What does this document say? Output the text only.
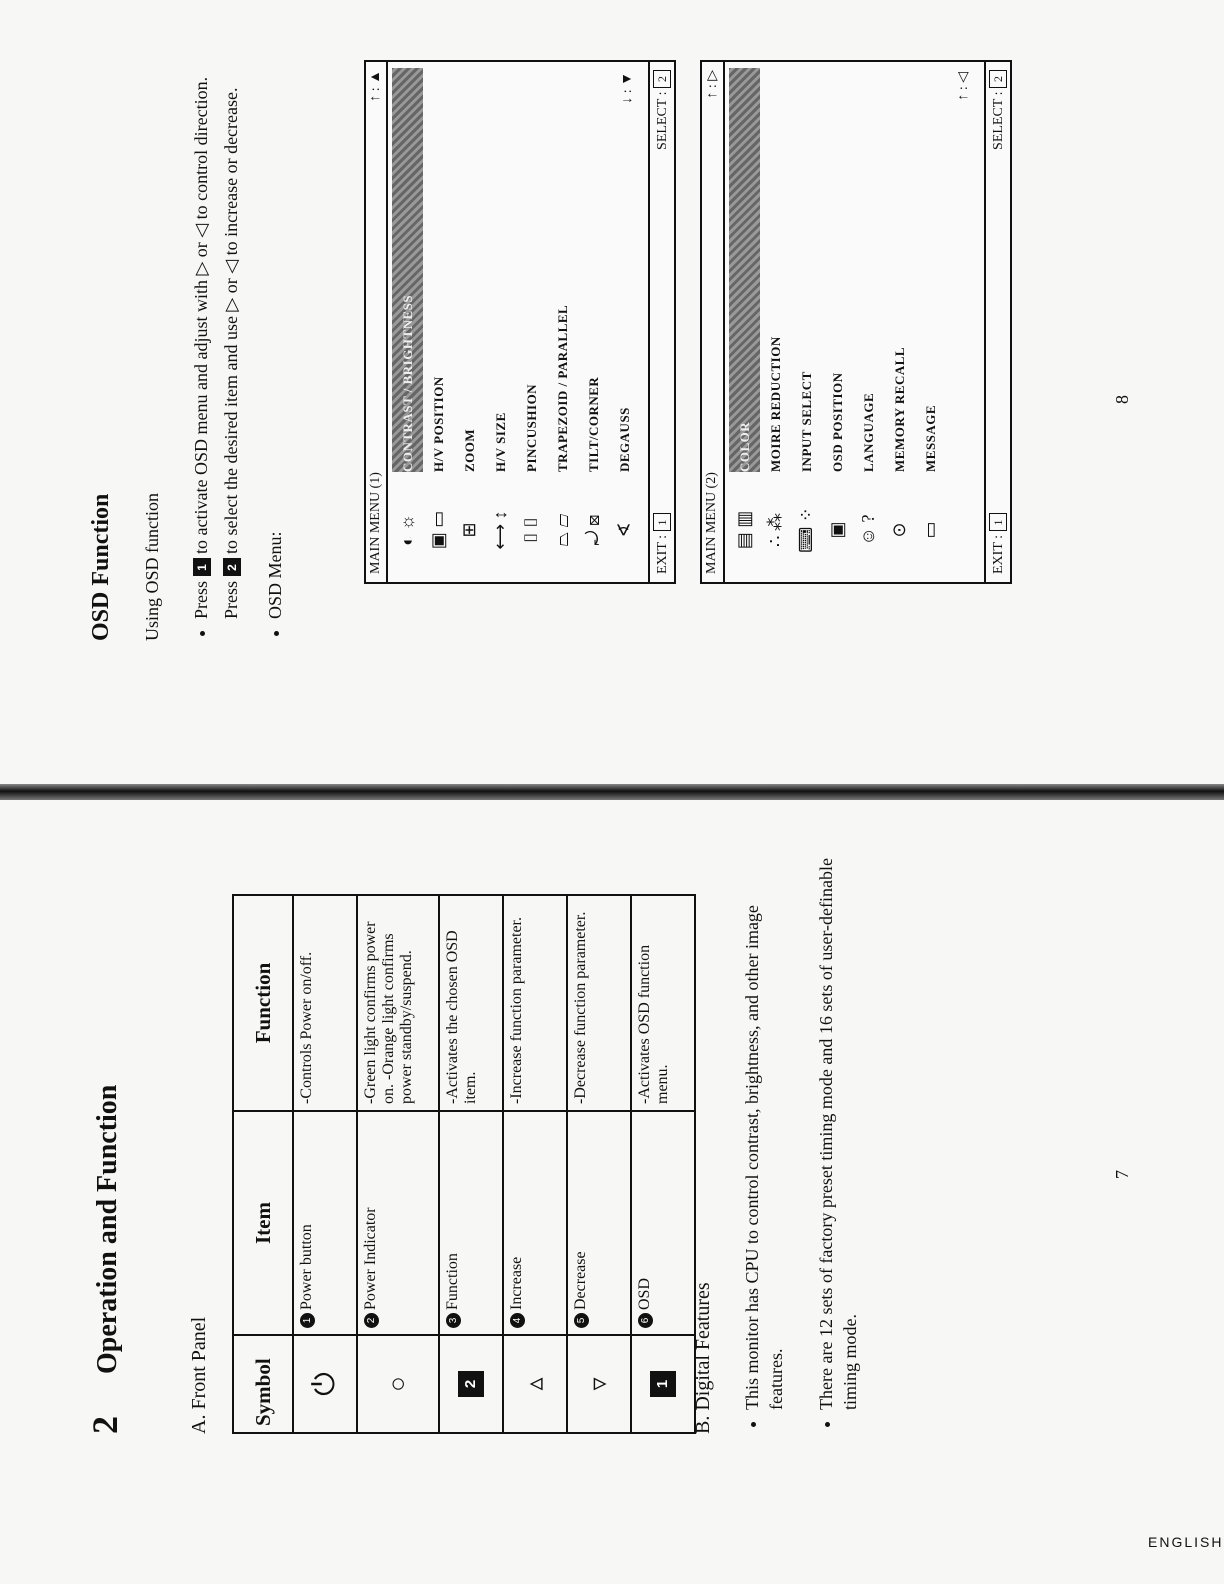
2
Operation and Function
A. Front Panel Symbol	Item	Function
⏻	1Power button	-Controls Power on/off.
○	2Power Indicator	-Green light confirms power on. -Orange light confirms power standby/suspend.
2	3Function	-Activates the chosen OSD item.
▵	4Increase	-Increase function parameter.
▿	5Decrease	-Decrease function parameter.
1	6OSD	-Activates OSD function menu.
B. Digital Features • This monitor has CPU to control contrast, brightness, and other image features. • There are 12 sets of factory preset timing mode and 16 sets of user-definable timing mode.
7
ENGLISH
OSD Function Using OSD function • Press 1 to activate OSD menu and adjust with ▷ or ◁ to control direction.
Press 2 to select the desired item and use ▷ or ◁ to increase or decrease.
• OSD Menu:
MAIN MENU (1)
↑ : ▲
◐ ☼ ▣ ▭ ⊞ ⟷ ↕ ⌷ ⌷ ⏢ ▱ ⤾ ⊠ ∢
CONTRAST / BRIGHTNESS	H/V POSITION	ZOOM	H/V SIZE	PINCUSHION	TRAPEZOID / PARALLEL	TILT/CORNER	DEGAUSS
↓ : ▼
EXIT : 1
SELECT : 2
MAIN MENU (2)
↑ : ▷
▤ ▥ ∴ ⁂ ⌨ ⁘ ▣ ☺ ? ⊙ ▭
COLOR	MOIRE REDUCTION	INPUT SELECT	OSD POSITION	LANGUAGE	MEMORY RECALL	MESSAGE
↑ : ◁
EXIT : 1
SELECT : 2
8
